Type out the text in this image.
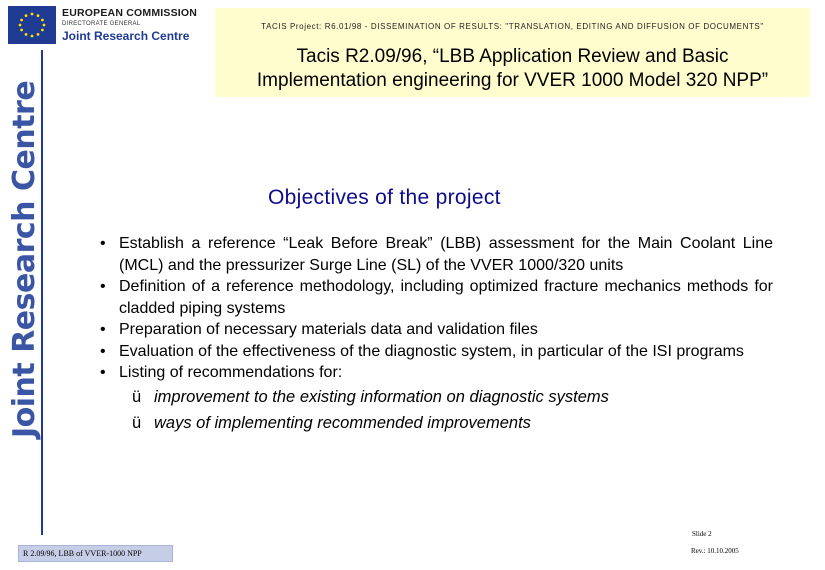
EUROPEAN COMMISSION
DIRECTORATE GENERAL
Joint Research Centre
Joint Research Centre
TACIS Project: R6.01/98 - DISSEMINATION OF RESULTS: "TRANSLATION, EDITING AND DIFFUSION OF DOCUMENTS"
Tacis R2.09/96, “LBB Application Review and Basic
Implementation engineering for VVER 1000 Model 320 NPP”
Objectives of the project
• Establish a reference “Leak Before Break” (LBB) assessment for the Main Coolant Line (MCL) and the pressurizer Surge Line (SL) of the VVER 1000/320 units
• Definition of a reference methodology, including optimized fracture mechanics methods for cladded piping systems
• Preparation of necessary materials data and validation files
• Evaluation of the effectiveness of the diagnostic system, in particular of the ISI programs
• Listing of recommendations for:
ü improvement to the existing information on diagnostic systems
ü ways of implementing recommended improvements
Slide 2
R 2.09/96, LBB of VVER-1000 NPP	Rev.: 10.10.2005
